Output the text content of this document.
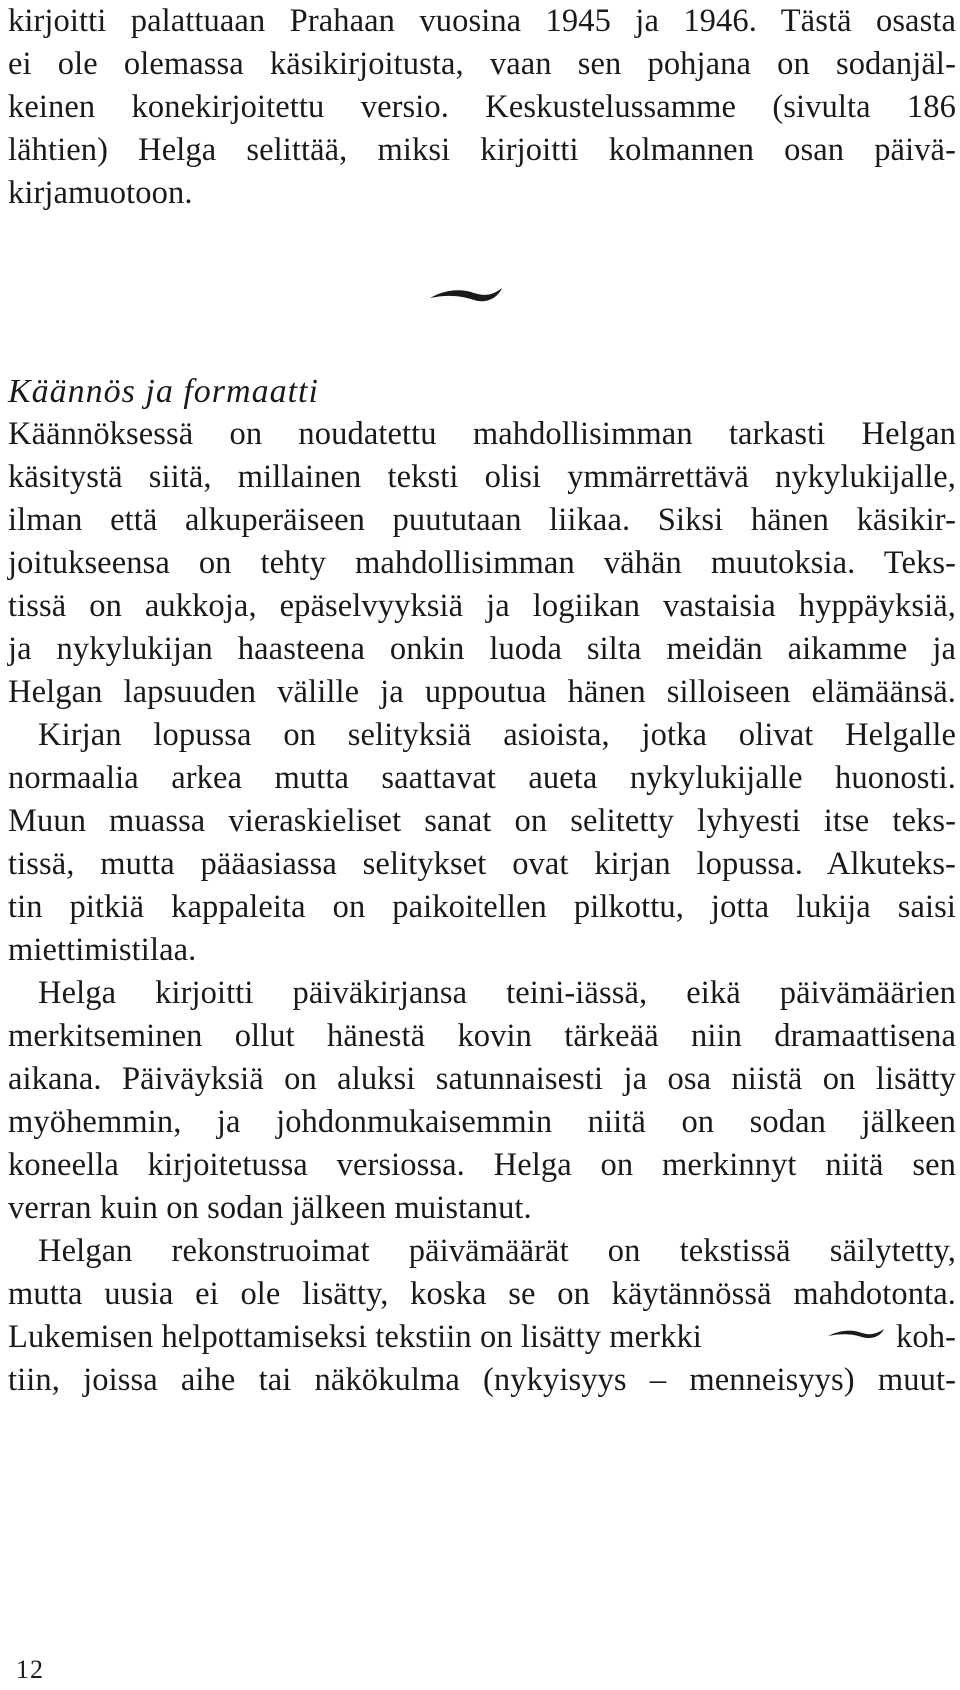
kirjoitti palattuaan Prahaan vuosina 1945 ja 1946. Tästä osasta
ei ole olemassa käsikirjoitusta, vaan sen pohjana on sodanjäl-
keinen konekirjoitettu versio. Keskustelussamme (sivulta 186
lähtien) Helga selittää, miksi kirjoitti kolmannen osan päivä-
kirjamuotoon.
Käännös ja formaatti
Käännöksessä on noudatettu mahdollisimman tarkasti Helgan
käsitystä siitä, millainen teksti olisi ymmärrettävä nykylukijalle,
ilman että alkuperäiseen puututaan liikaa. Siksi hänen käsikir-
joitukseensa on tehty mahdollisimman vähän muutoksia. Teks-
tissä on aukkoja, epäselvyyksiä ja logiikan vastaisia hyppäyksiä,
ja nykylukijan haasteena onkin luoda silta meidän aikamme ja
Helgan lapsuuden välille ja uppoutua hänen silloiseen elämäänsä.
Kirjan lopussa on selityksiä asioista, jotka olivat Helgalle
normaalia arkea mutta saattavat aueta nykylukijalle huonosti.
Muun muassa vieraskieliset sanat on selitetty lyhyesti itse teks-
tissä, mutta pääasiassa selitykset ovat kirjan lopussa. Alkuteks-
tin pitkiä kappaleita on paikoitellen pilkottu, jotta lukija saisi
miettimistilaa.
Helga kirjoitti päiväkirjansa teini-iässä, eikä päivämäärien
merkitseminen ollut hänestä kovin tärkeää niin dramaattisena
aikana. Päiväyksiä on aluksi satunnaisesti ja osa niistä on lisätty
myöhemmin, ja johdonmukaisemmin niitä on sodan jälkeen
koneella kirjoitetussa versiossa. Helga on merkinnyt niitä sen
verran kuin on sodan jälkeen muistanut.
Helgan rekonstruoimat päivämäärät on tekstissä säilytetty,
mutta uusia ei ole lisätty, koska se on käytännössä mahdotonta.
Lukemisen helpottamiseksi tekstiin on lisätty merkki	koh-
tiin, joissa aihe tai näkökulma (nykyisyys – menneisyys) muut-
12
